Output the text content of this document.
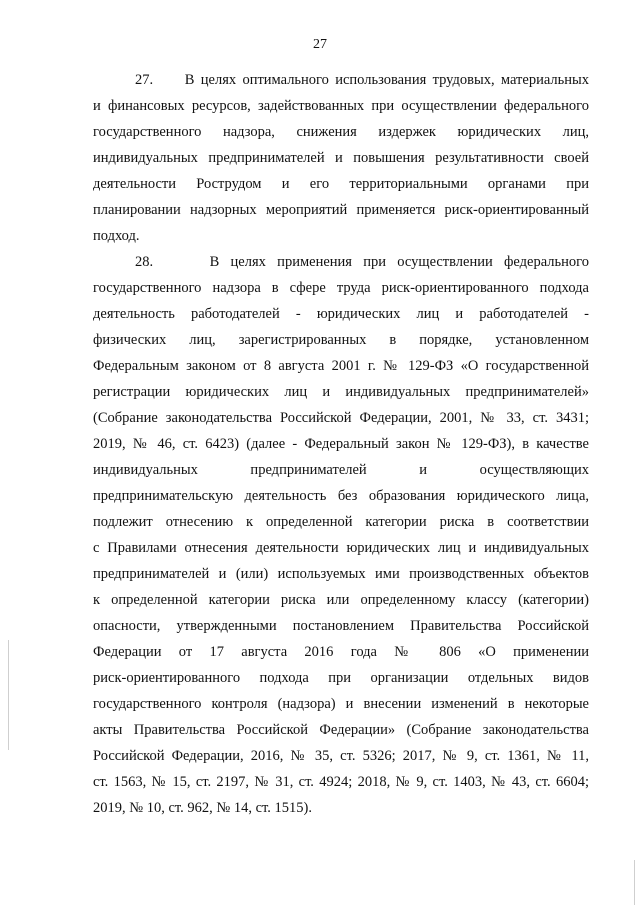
27
27.     В целях оптимального использования трудовых, материальных
и финансовых ресурсов, задействованных при осуществлении федерального
государственного надзора, снижения издержек юридических лиц,
индивидуальных предпринимателей и повышения результативности своей
деятельности Рострудом и его территориальными органами при
планировании надзорных мероприятий применяется риск-ориентированный
подход.
28.     В целях применения при осуществлении федерального
государственного надзора в сфере труда риск-ориентированного подхода
деятельность работодателей - юридических лиц и работодателей -
физических лиц, зарегистрированных в порядке, установленном
Федеральным законом от 8 августа 2001 г. № 129-ФЗ «О государственной
регистрации юридических лиц и индивидуальных предпринимателей»
(Собрание законодательства Российской Федерации, 2001, № 33, ст. 3431;
2019, № 46, ст. 6423) (далее - Федеральный закон № 129-ФЗ), в качестве
индивидуальных предпринимателей и осуществляющих
предпринимательскую деятельность без образования юридического лица,
подлежит отнесению к определенной категории риска в соответствии
с Правилами отнесения деятельности юридических лиц и индивидуальных
предпринимателей и (или) используемых ими производственных объектов
к определенной категории риска или определенному классу (категории)
опасности, утвержденными постановлением Правительства Российской
Федерации от 17 августа 2016 года № 806 «О применении
риск-ориентированного подхода при организации отдельных видов
государственного контроля (надзора) и внесении изменений в некоторые
акты Правительства Российской Федерации» (Собрание законодательства
Российской Федерации, 2016, № 35, ст. 5326; 2017, № 9, ст. 1361, № 11,
ст. 1563, № 15, ст. 2197, № 31, ст. 4924; 2018, № 9, ст. 1403, № 43, ст. 6604;
2019, № 10, ст. 962, № 14, ст. 1515).
